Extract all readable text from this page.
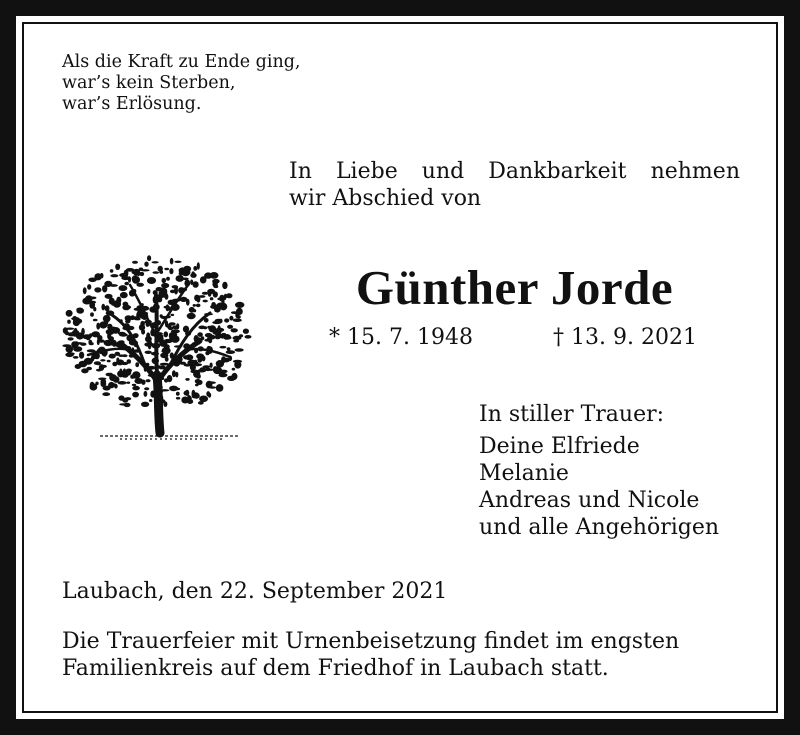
Als die Kraft zu Ende ging,
war’s kein Sterben,
war’s Erlösung.
In Liebe und Dankbarkeit nehmen
wir Abschied von
Günther Jorde
* 15. 7. 1948	† 13. 9. 2021
In stiller Trauer:
Deine Elfriede
Melanie
Andreas und Nicole
und alle Angehörigen
Laubach, den 22. September 2021
Die Trauerfeier mit Urnenbeisetzung findet im engsten
Familienkreis auf dem Friedhof in Laubach statt.
